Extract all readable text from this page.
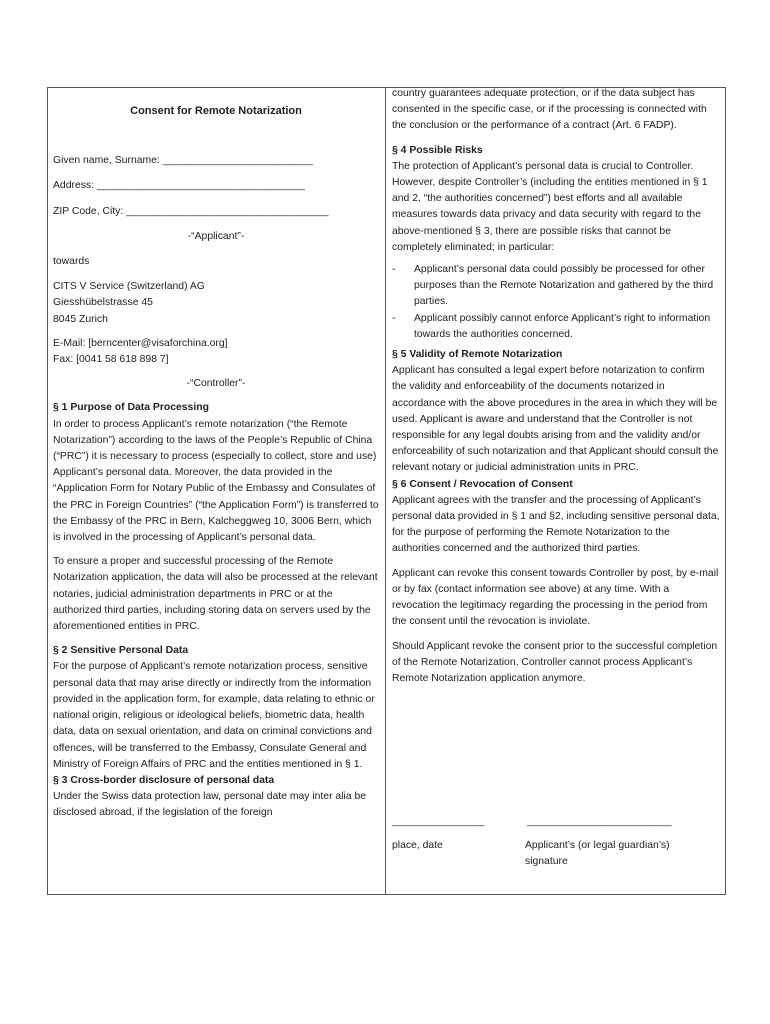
Consent for Remote Notarization

Given name, Surname: __________________________

Address: ____________________________________

ZIP Code, City: ___________________________________

-“Applicant”-

towards

CITS V Service (Switzerland) AG

Giesshübelstrasse 45

8045 Zurich

E-Mail: [berncenter@visaforchina.org]

Fax: [0041 58 618 898 7]

-“Controller”-

§ 1 Purpose of Data Processing

In order to process Applicant’s remote notarization (“the Remote Notarization”) according to the laws of the People’s Republic of China (“PRC”) it is necessary to process (especially to collect, store and use) Applicant’s personal data. Moreover, the data provided in the “Application Form for Notary Public of the Embassy and Consulates of the PRC in Foreign Countries” (“the Application Form”) is transferred to the Embassy of the PRC in Bern, Kalcheggweg 10, 3006 Bern, which is involved in the processing of Applicant’s personal data.

To ensure a proper and successful processing of the Remote Notarization application, the data will also be processed at the relevant notaries, judicial administration departments in PRC or at the authorized third parties, including storing data on servers used by the aforementioned entities in PRC.

§ 2 Sensitive Personal Data

For the purpose of Applicant’s remote notarization process, sensitive personal data that may arise directly or indirectly from the information provided in the application form, for example, data relating to ethnic or national origin, religious or ideological beliefs, biometric data, health data, data on sexual orientation, and data on criminal convictions and offences, will be transferred to the Embassy, Consulate General and Ministry of Foreign Affairs of PRC and the entities mentioned in § 1.

§ 3 Cross-border disclosure of personal data

Under the Swiss data protection law, personal date may inter alia be disclosed abroad, if the legislation of the foreign

country guarantees adequate protection, or if the data subject has consented in the specific case, or if the processing is connected with the conclusion or the performance of a contract (Art. 6 FADP).

§ 4 Possible Risks

The protection of Applicant’s personal data is crucial to Controller. However, despite Controller’s (including the entities mentioned in § 1 and 2, “the authorities concerned”) best efforts and all available measures towards data privacy and data security with regard to the above-mentioned § 3, there are possible risks that cannot be completely eliminated; in particular:

- Applicant’s personal data could possibly be processed for other purposes than the Remote Notarization and gathered by the third parties.
- Applicant possibly cannot enforce Applicant’s right to information towards the authorities concerned.
§ 5 Validity of Remote Notarization

Applicant has consulted a legal expert before notarization to confirm the validity and enforceability of the documents notarized in accordance with the above procedures in the area in which they will be used. Applicant is aware and understand that the Controller is not responsible for any legal doubts arising from and the validity and/or enforceability of such notarization and that Applicant should consult the relevant notary or judicial administration units in PRC.

§ 6 Consent / Revocation of Consent

Applicant agrees with the transfer and the processing of Applicant’s personal data provided in § 1 and §2, including sensitive personal data, for the purpose of performing the Remote Notarization to the authorities concerned and the authorized third parties.

Applicant can revoke this consent towards Controller by post, by e-mail or by fax (contact information see above) at any time. With a revocation the legitimacy regarding the processing in the period from the consent until the revocation is inviolate.

Should Applicant revoke the consent prior to the successful completion of the Remote Notarization, Controller cannot process Applicant’s Remote Notarization application anymore.

________________	_________________________
place, date	Applicant’s (or legal guardian’s) signature
